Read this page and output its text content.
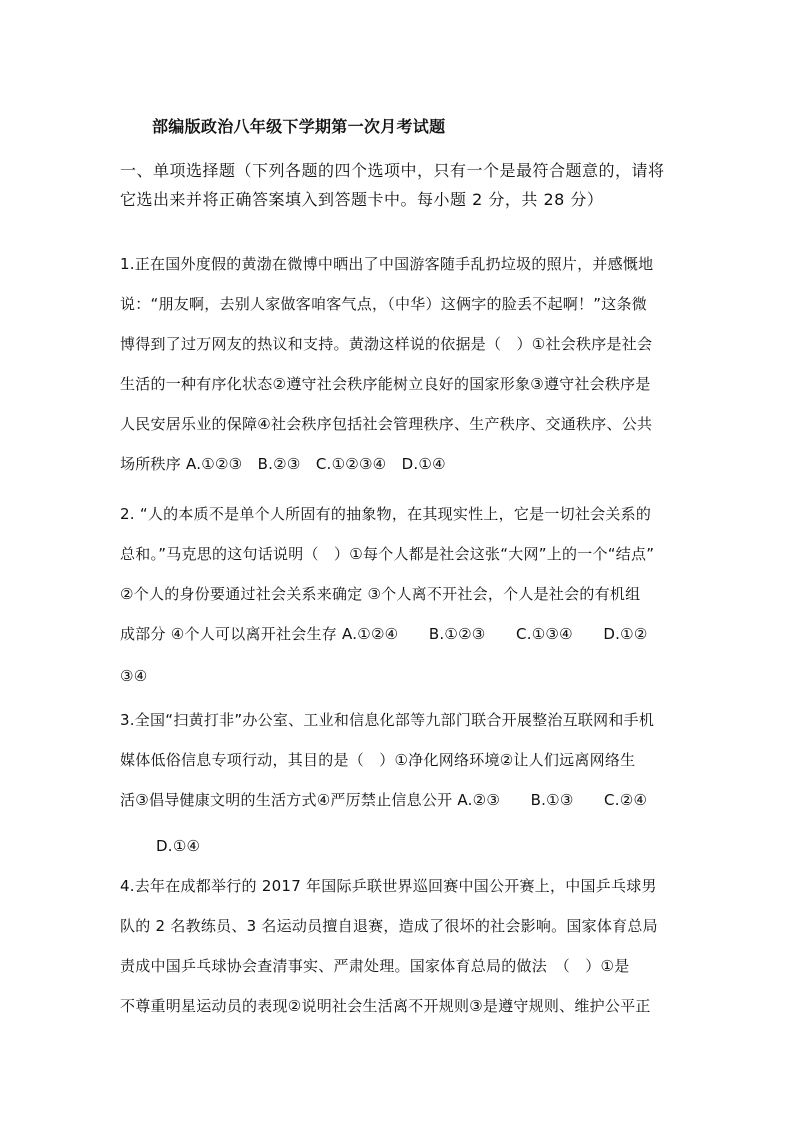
部编版政治八年级下学期第一次月考试题
一、单项选择题（下列各题的四个选项中，只有一个是最符合题意的，请将它选出来并将正确答案填入到答题卡中。每小题 2 分，共 28 分）
1.正在国外度假的黄渤在微博中晒出了中国游客随手乱扔垃圾的照片，并感慨地
说：“朋友啊，去别人家做客咱客气点，（中华）这俩字的脸丢不起啊！”这条微
博得到了过万网友的热议和支持。黄渤这样说的依据是（　）①社会秩序是社会
生活的一种有序化状态②遵守社会秩序能树立良好的国家形象③遵守社会秩序是
人民安居乐业的保障④社会秩序包括社会管理秩序、生产秩序、交通秩序、公共
场所秩序 A.①②③　B.②③　C.①②③④　D.①④
2. “人的本质不是单个人所固有的抽象物，在其现实性上，它是一切社会关系的
总和。”马克思的这句话说明（　）①每个人都是社会这张“大网”上的一个“结点”
②个人的身份要通过社会关系来确定 ③个人离不开社会，个人是社会的有机组
成部分 ④个人可以离开社会生存 A.①②④　　B.①②③　　C.①③④　　D.①②
③④
3.全国“扫黄打非”办公室、工业和信息化部等九部门联合开展整治互联网和手机
媒体低俗信息专项行动，其目的是（　）①净化网络环境②让人们远离网络生
活③倡导健康文明的生活方式④严厉禁止信息公开 A.②③　　B.①③　　C.②④
D.①④
4.去年在成都举行的 2017 年国际乒联世界巡回赛中国公开赛上，中国乒乓球男
队的 2 名教练员、3 名运动员擅自退赛，造成了很坏的社会影响。国家体育总局
责成中国乒乓球协会查清事实、严肃处理。国家体育总局的做法　（　）①是
不尊重明星运动员的表现②说明社会生活离不开规则③是遵守规则、维护公平正
